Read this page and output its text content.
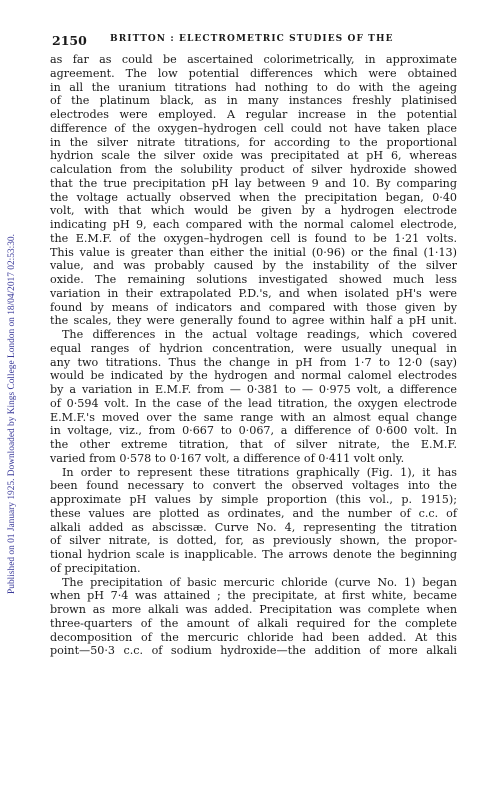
2150	BRITTON : ELECTROMETRIC STUDIES OF THE
Published on 01 January 1925. Downloaded by Kings College London on 18/04/2017 02:53:30.
as far as could be ascertained colorimetrically, in approximate
agreement. The low potential differences which were obtained
in all the uranium titrations had nothing to do with the ageing
of the platinum black, as in many instances freshly platinised
electrodes were employed. A regular increase in the potential
difference of the oxygen–hydrogen cell could not have taken place
in the silver nitrate titrations, for according to the proportional
hydrion scale the silver oxide was precipitated at pH 6, whereas
calculation from the solubility product of silver hydroxide showed
that the true precipitation pH lay between 9 and 10. By comparing
the voltage actually observed when the precipitation began, 0·40
volt, with that which would be given by a hydrogen electrode
indicating pH 9, each compared with the normal calomel electrode,
the E.M.F. of the oxygen–hydrogen cell is found to be 1·21 volts.
This value is greater than either the initial (0·96) or the final (1·13)
value, and was probably caused by the instability of the silver
oxide. The remaining solutions investigated showed much less
variation in their extrapolated P.D.'s, and when isolated pH's were
found by means of indicators and compared with those given by
the scales, they were generally found to agree within half a pH unit.
The differences in the actual voltage readings, which covered
equal ranges of hydrion concentration, were usually unequal in
any two titrations. Thus the change in pH from 1·7 to 12·0 (say)
would be indicated by the hydrogen and normal calomel electrodes
by a variation in E.M.F. from — 0·381 to — 0·975 volt, a difference
of 0·594 volt. In the case of the lead titration, the oxygen electrode
E.M.F.'s moved over the same range with an almost equal change
in voltage, viz., from 0·667 to 0·067, a difference of 0·600 volt. In
the other extreme titration, that of silver nitrate, the E.M.F.
varied from 0·578 to 0·167 volt, a difference of 0·411 volt only.
In order to represent these titrations graphically (Fig. 1), it has
been found necessary to convert the observed voltages into the
approximate pH values by simple proportion (this vol., p. 1915);
these values are plotted as ordinates, and the number of c.c. of
alkali added as abscissæ. Curve No. 4, representing the titration
of silver nitrate, is dotted, for, as previously shown, the propor-
tional hydrion scale is inapplicable. The arrows denote the beginning
of precipitation.
The precipitation of basic mercuric chloride (curve No. 1) began
when pH 7·4 was attained ; the precipitate, at first white, became
brown as more alkali was added. Precipitation was complete when
three-quarters of the amount of alkali required for the complete
decomposition of the mercuric chloride had been added. At this
point—50·3 c.c. of sodium hydroxide—the addition of more alkali
